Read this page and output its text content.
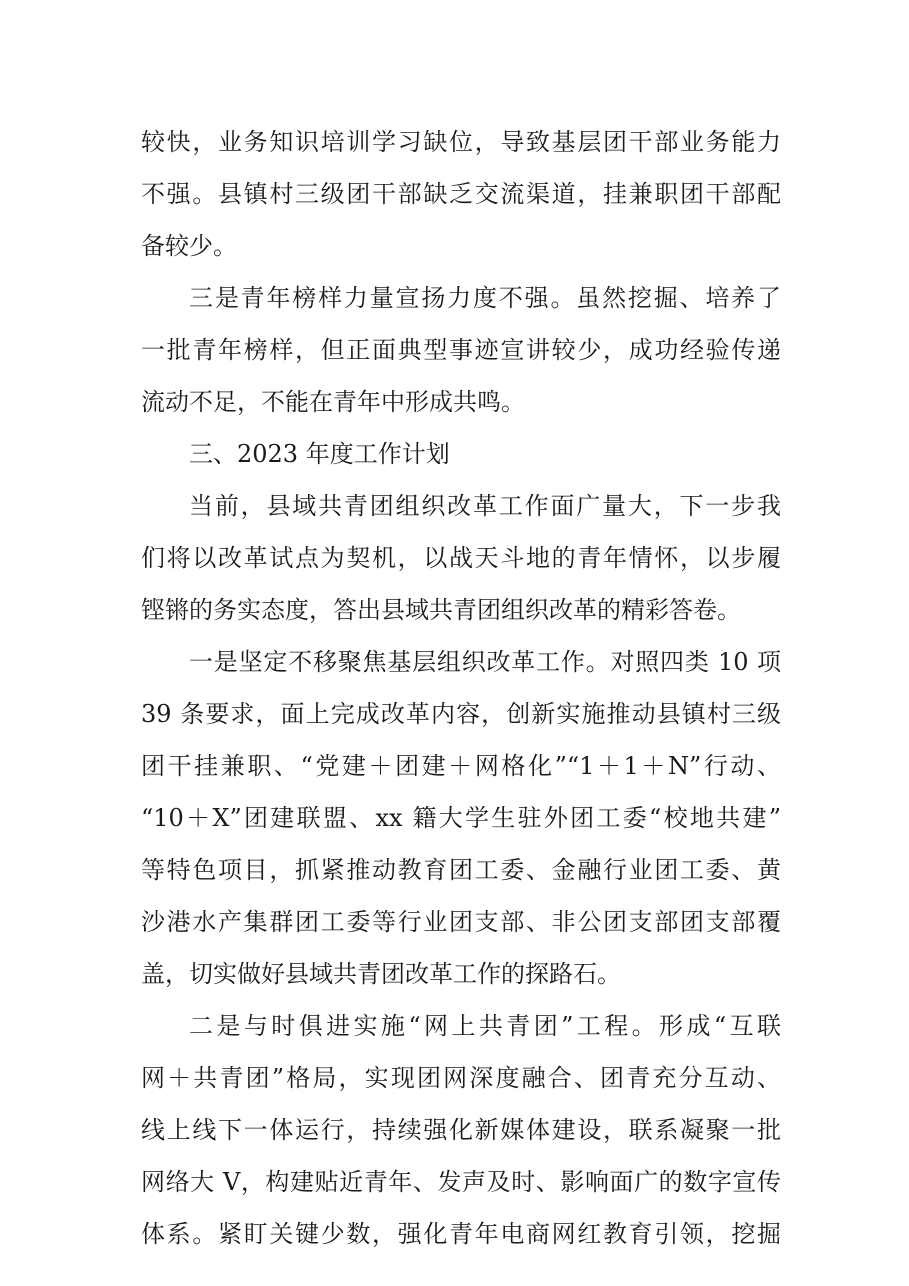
较快，业务知识培训学习缺位，导致基层团干部业务能力
不强。县镇村三级团干部缺乏交流渠道，挂兼职团干部配
备较少。
三是青年榜样力量宣扬力度不强。虽然挖掘、培养了
一批青年榜样，但正面典型事迹宣讲较少，成功经验传递
流动不足，不能在青年中形成共鸣。
三、2023 年度工作计划
当前，县域共青团组织改革工作面广量大，下一步我
们将以改革试点为契机，以战天斗地的青年情怀，以步履
铿锵的务实态度，答出县域共青团组织改革的精彩答卷。
一是坚定不移聚焦基层组织改革工作。对照四类 10 项
39 条要求，面上完成改革内容，创新实施推动县镇村三级
团干挂兼职、“党建＋团建＋网格化”“1＋1＋N”行动、
“10＋X”团建联盟、xx 籍大学生驻外团工委“校地共建”
等特色项目，抓紧推动教育团工委、金融行业团工委、黄
沙港水产集群团工委等行业团支部、非公团支部团支部覆
盖，切实做好县域共青团改革工作的探路石。
二是与时俱进实施“网上共青团”工程。形成“互联
网＋共青团”格局，实现团网深度融合、团青充分互动、
线上线下一体运行，持续强化新媒体建设，联系凝聚一批
网络大 V，构建贴近青年、发声及时、影响面广的数字宣传
体系。紧盯关键少数，强化青年电商网红教育引领，挖掘
